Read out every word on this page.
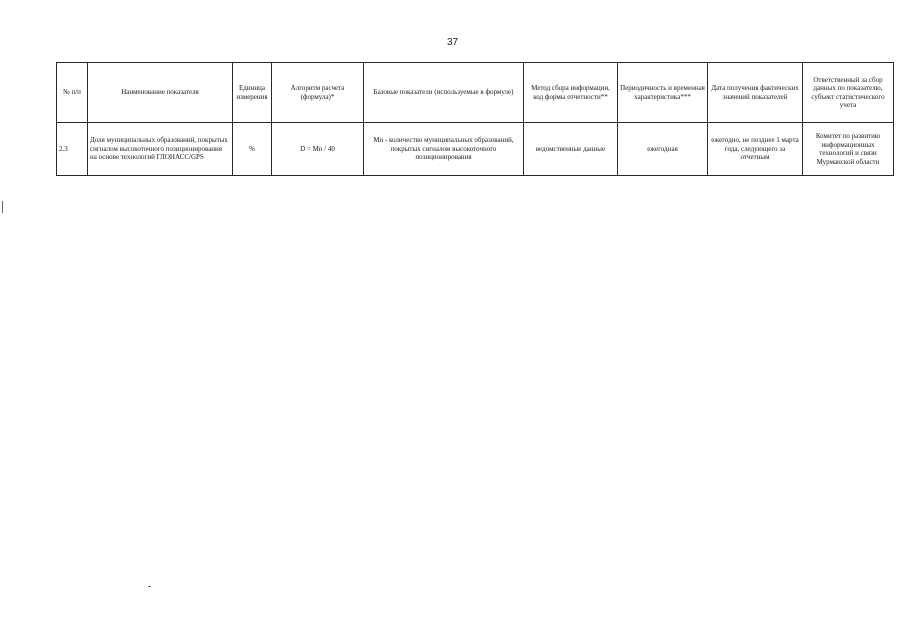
37
№ п/п	Наименование показателя	Единица измерения	Алгоритм расчета (формула)*	Базовые показатели (используемые в формуле)	Метод сбора информации, код формы отчетности**	Периодичность и временная характеристика***	Дата получения фактических значений показателей	Ответственный за сбор данных по показателю, субъект статистического учета
2.3	Доля муниципальных образований, покрытых сигналом высокоточного позиционирования на основе технологий ГЛОНАСС/GPS	%	D = Mn / 40	Mn - количество муниципальных образований, покрытых сигналом высокоточного позиционирования	ведомственные данные	ежегодная	ежегодно, не позднее 1 марта года, следующего за отчетным	Комитет по развитию информационных технологий и связи Мурманской области
